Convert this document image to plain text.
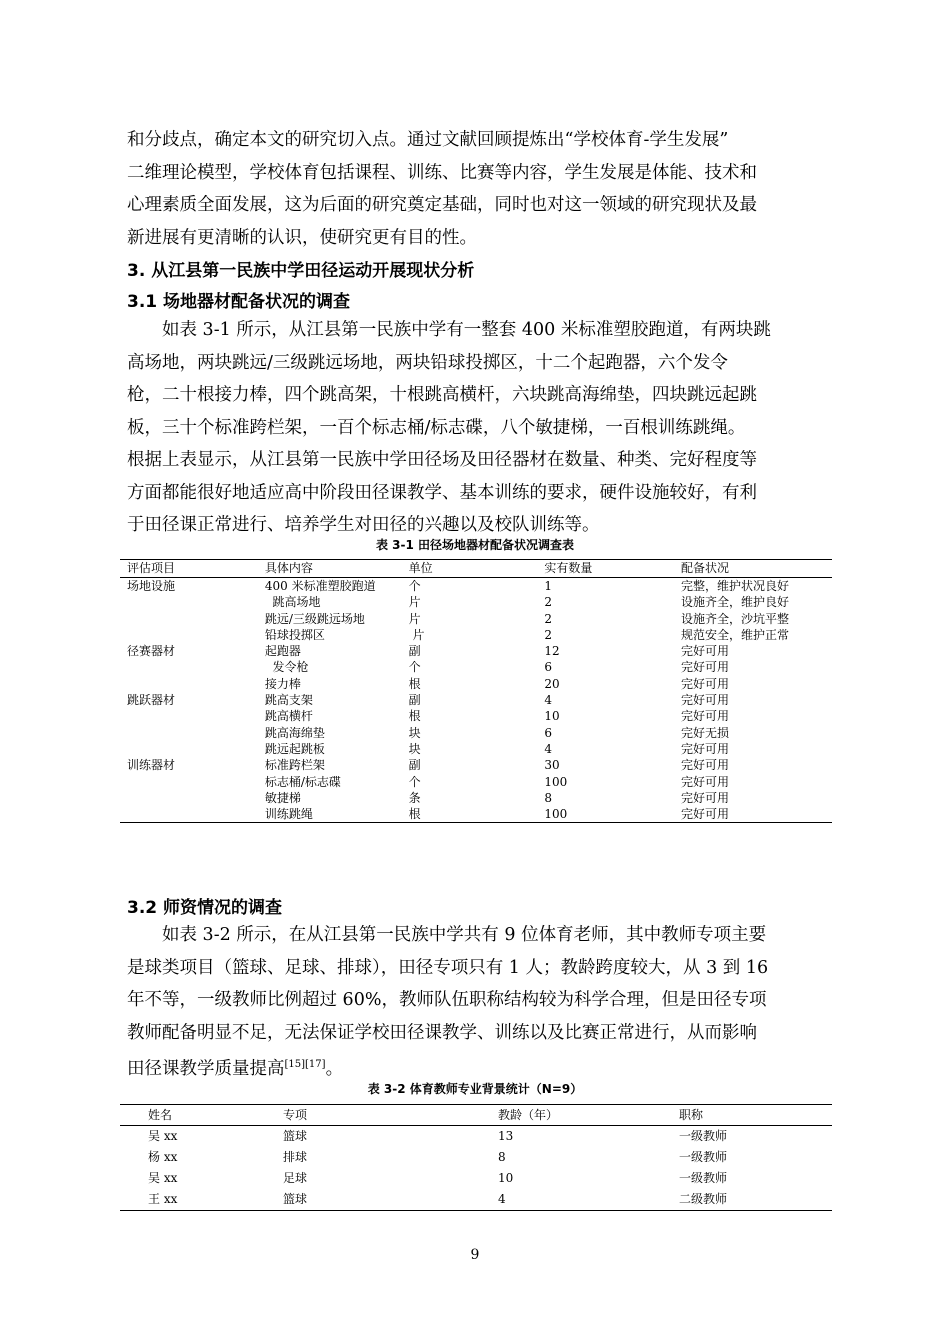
和分歧点，确定本文的研究切入点。通过文献回顾提炼出“学校体育-学生发展”
二维理论模型，学校体育包括课程、训练、比赛等内容，学生发展是体能、技术和
心理素质全面发展，这为后面的研究奠定基础，同时也对这一领域的研究现状及最
新进展有更清晰的认识，使研究更有目的性。
3. 从江县第一民族中学田径运动开展现状分析
3.1 场地器材配备状况的调查
　　如表 3-1 所示，从江县第一民族中学有一整套 400 米标准塑胶跑道，有两块跳
高场地，两块跳远/三级跳远场地，两块铅球投掷区，十二个起跑器，六个发令
枪，二十根接力棒，四个跳高架，十根跳高横杆，六块跳高海绵垫，四块跳远起跳
板，三十个标准跨栏架，一百个标志桶/标志碟，八个敏捷梯，一百根训练跳绳。
根据上表显示，从江县第一民族中学田径场及田径器材在数量、种类、完好程度等
方面都能很好地适应高中阶段田径课教学、基本训练的要求，硬件设施较好，有利
于田径课正常进行、培养学生对田径的兴趣以及校队训练等。
表 3-1 田径场地器材配备状况调查表
评估项目	具体内容	单位	实有数量	配备状况
场地设施	400 米标准塑胶跑道	个	1	完整，维护状况良好
	跳高场地	片	2	设施齐全，维护良好
	跳远/三级跳远场地	片	2	设施齐全，沙坑平整
	铅球投掷区	片	2	规范安全，维护正常
径赛器材	起跑器	副	12	完好可用
	发令枪	个	6	完好可用
	接力棒	根	20	完好可用
跳跃器材	跳高支架	副	4	完好可用
	跳高横杆	根	10	完好可用
	跳高海绵垫	块	6	完好无损
	跳远起跳板	块	4	完好可用
训练器材	标准跨栏架	副	30	完好可用
	标志桶/标志碟	个	100	完好可用
	敏捷梯	条	8	完好可用
	训练跳绳	根	100	完好可用
3.2 师资情况的调查
　　如表 3-2 所示，在从江县第一民族中学共有 9 位体育老师，其中教师专项主要
是球类项目（篮球、足球、排球），田径专项只有 1 人；教龄跨度较大，从 3 到 16
年不等，一级教师比例超过 60%，教师队伍职称结构较为科学合理，但是田径专项
教师配备明显不足，无法保证学校田径课教学、训练以及比赛正常进行，从而影响
田径课教学质量提高[15][17]。
表 3-2 体育教师专业背景统计（N=9）
姓名	专项	教龄（年）	职称
吴 xx	篮球	13	一级教师
杨 xx	排球	8	一级教师
吴 xx	足球	10	一级教师
王 xx	篮球	4	二级教师
9
